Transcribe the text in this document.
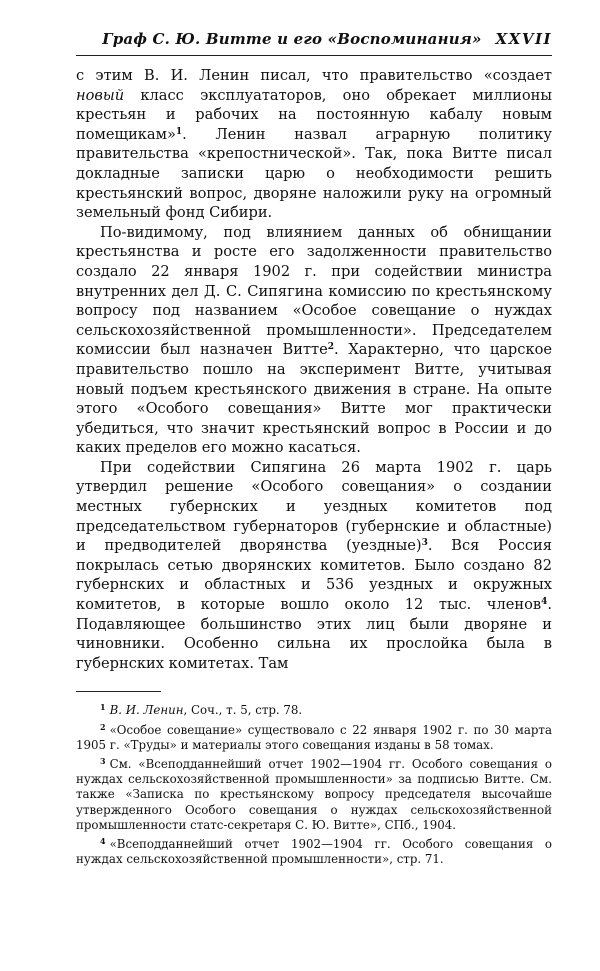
Граф С. Ю. Витте и его «Воспоминания» XXVII

с этим В. И. Ленин писал, что правительство «создает новый класс эксплуататоров, оно обрекает миллионы крестьян и рабочих на постоянную кабалу новым помещикам»$^1$. Ленин назвал аграрную политику правительства «крепостнической». Так, пока Витте писал докладные записки царю о необходимости решить крестьянский вопрос, дворяне наложили руку на огромный земельный фонд Сибири.

По-видимому, под влиянием данных об обнищании крестьянства и росте его задолженности правительство создало 22 января 1902 г. при содействии министра внутренних дел Д. С. Сипягина комиссию по крестьянскому вопросу под названием «Особое совещание о нуждах сельскохозяйственной промышленности». Председателем комиссии был назначен Витте$^2$. Характерно, что царское правительство пошло на эксперимент Витте, учитывая новый подъем крестьянского движения в стране. На опыте этого «Особого совещания» Витте мог практически убедиться, что значит крестьянский вопрос в России и до каких пределов его можно касаться.

При содействии Сипягина 26 марта 1902 г. царь утвердил решение «Особого совещания» о создании местных губернских и уездных комитетов под председательством губернаторов (губернские и областные) и предводителей дворянства (уездные)$^3$. Вся Россия покрылась сетью дворянских комитетов. Было создано 82 губернских и областных и 536 уездных и окружных комитетов, в которые вошло около 12 тыс. членов$^4$. Подавляющее большинство этих лиц были дворяне и чиновники. Особенно сильна их прослойка была в губернских комитетах. Там

$^1$ В. И. Ленин, Соч., т. 5, стр. 78.

$^2$ «Особое совещание» существовало с 22 января 1902 г. по 30 марта 1905 г. «Труды» и материалы этого совещания изданы в 58 томах.

$^3$ См. «Всеподданнейший отчет 1902—1904 гг. Особого совещания о нуждах сельскохозяйственной промышленности» за подписью Витте. См. также «Записка по крестьянскому вопросу председателя высочайше утвержденного Особого совещания о нуждах сельскохозяйственной промышленности статс-секретаря С. Ю. Витте», СПб., 1904.

$^4$ «Всеподданнейший отчет 1902—1904 гг. Особого совещания о нуждах сельскохозяйственной промышленности», стр. 71.
